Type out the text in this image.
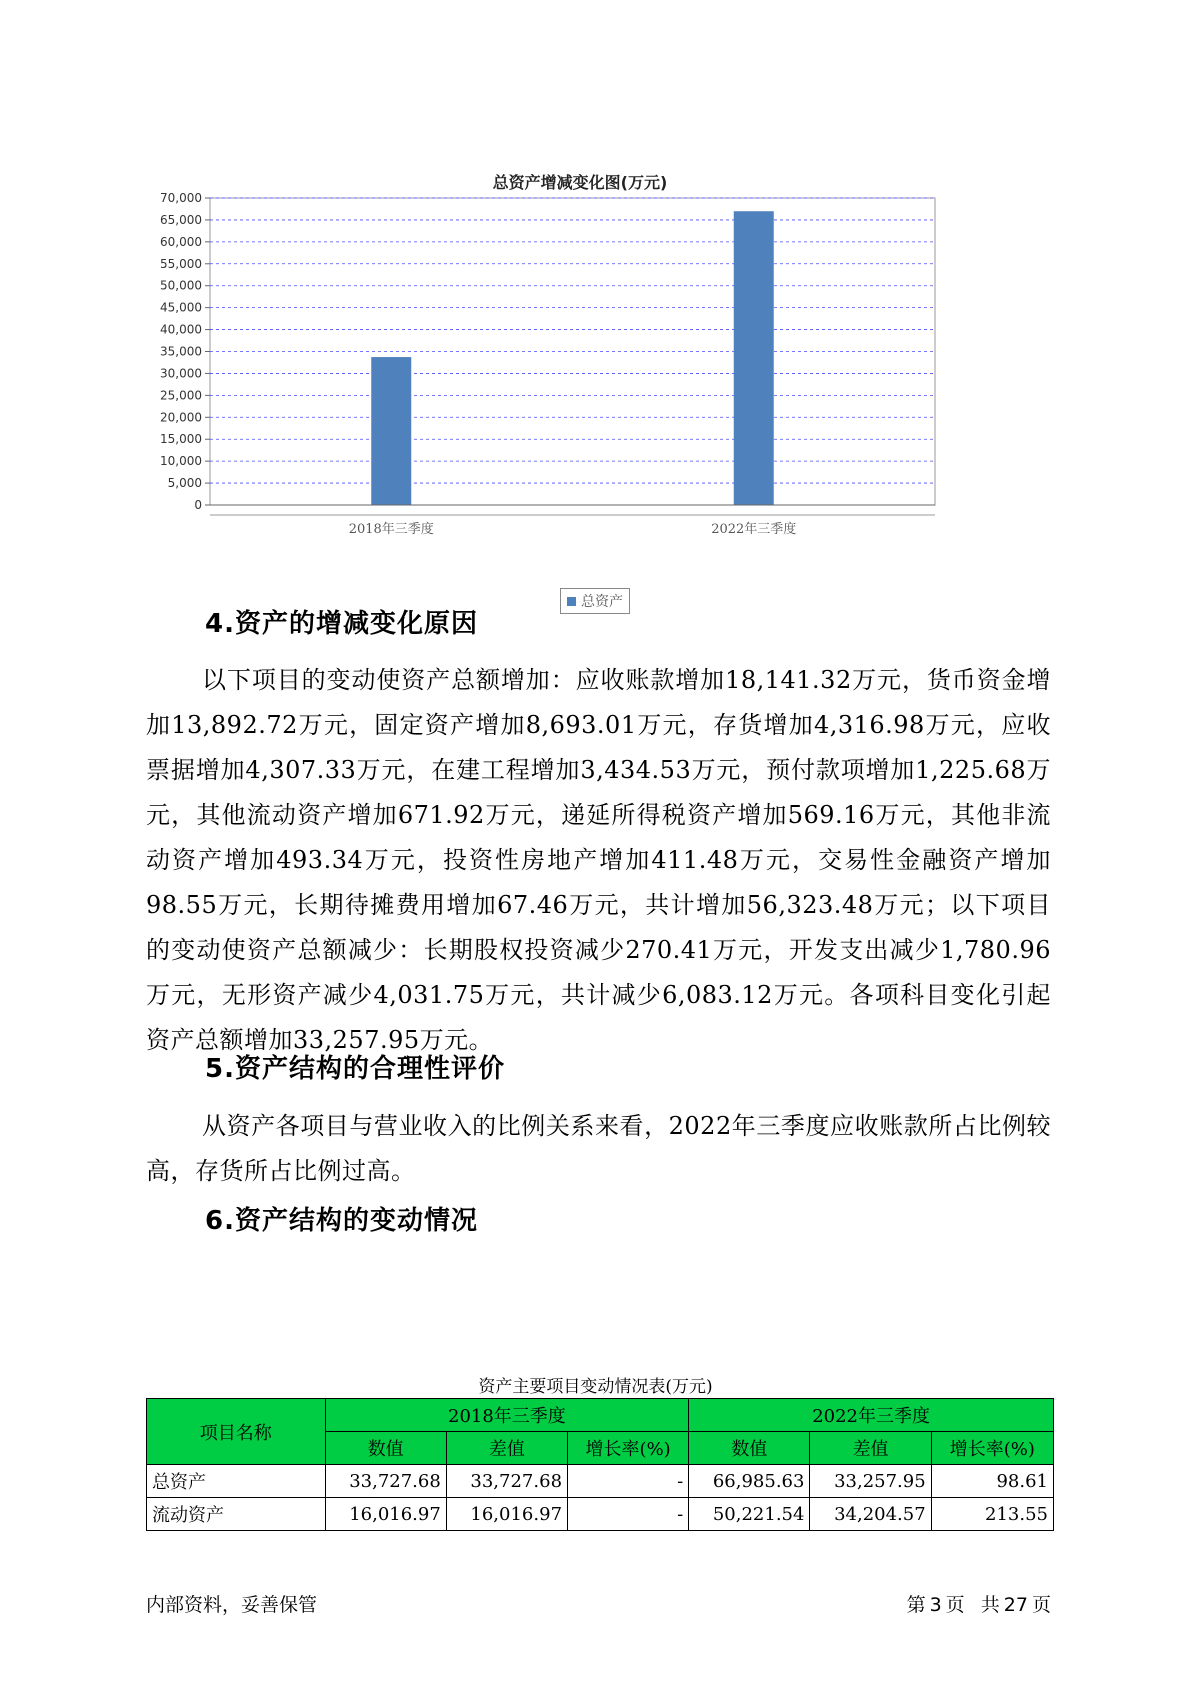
0
5,000
10,000
15,000
20,000
25,000
30,000
35,000
40,000
45,000
50,000
55,000
60,000
65,000
70,000
2018年三季度	2022年三季度
总资产增减变化图(万元)
总资产
4.资产的增减变化原因
以下项目的变动使资产总额增加：应收账款增加18,141.32万元，货币资金增加13,892.72万元，固定资产增加8,693.01万元，存货增加4,316.98万元，应收票据增加4,307.33万元，在建工程增加3,434.53万元，预付款项增加1,225.68万元，其他流动资产增加671.92万元，递延所得税资产增加569.16万元，其他非流动资产增加493.34万元，投资性房地产增加411.48万元，交易性金融资产增加98.55万元，长期待摊费用增加67.46万元，共计增加56,323.48万元；以下项目的变动使资产总额减少：长期股权投资减少270.41万元，开发支出减少1,780.96万元，无形资产减少4,031.75万元，共计减少6,083.12万元。各项科目变化引起资产总额增加33,257.95万元。
5.资产结构的合理性评价
从资产各项目与营业收入的比例关系来看，2022年三季度应收账款所占比例较高，存货所占比例过高。
6.资产结构的变动情况
资产主要项目变动情况表(万元)
项目名称	2018年三季度			2022年三季度		
	数值	差值	增长率(%)	数值	差值	增长率(%)
总资产	33,727.68	33,727.68	-	66,985.63	33,257.95	98.61
流动资产	16,016.97	16,016.97	-	50,221.54	34,204.57	213.55
内部资料，妥善保管	第 3 页 共 27 页
